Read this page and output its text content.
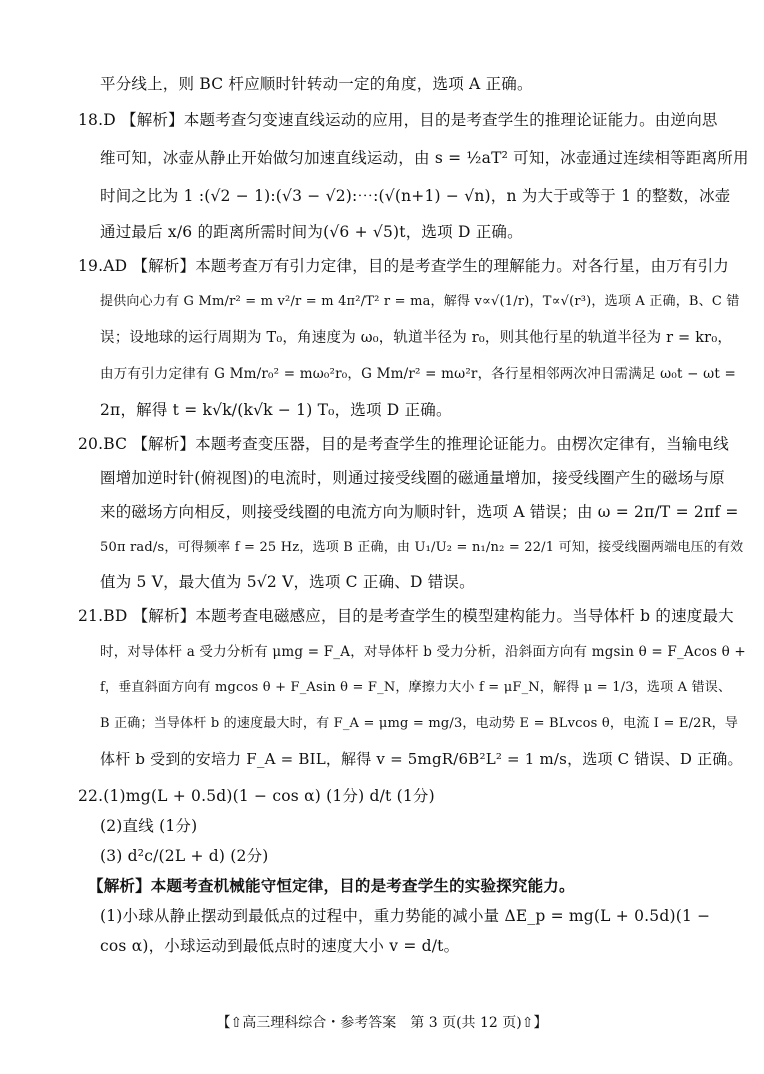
平分线上，则 BC 杆应顺时针转动一定的角度，选项 A 正确。
18.D 【解析】本题考查匀变速直线运动的应用，目的是考查学生的推理论证能力。由逆向思
维可知，冰壶从静止开始做匀加速直线运动，由 s = ½aT² 可知，冰壶通过连续相等距离所用
时间之比为 1 :(√2 − 1):(√3 − √2):⋯:(√(n+1) − √n)，n 为大于或等于 1 的整数，冰壶
通过最后 x/6 的距离所需时间为(√6 + √5)t，选项 D 正确。
19.AD 【解析】本题考查万有引力定律，目的是考查学生的理解能力。对各行星，由万有引力
提供向心力有 G Mm/r² = m v²/r = m 4π²/T² r = ma，解得 v∝√(1/r)，T∝√(r³)，选项 A 正确，B、C 错
误；设地球的运行周期为 T₀，角速度为 ω₀，轨道半径为 r₀，则其他行星的轨道半径为 r = kr₀，
由万有引力定律有 G Mm/r₀² = mω₀²r₀，G Mm/r² = mω²r，各行星相邻两次冲日需满足 ω₀t − ωt =
2π，解得 t = k√k/(k√k − 1) T₀，选项 D 正确。
20.BC 【解析】本题考查变压器，目的是考查学生的推理论证能力。由楞次定律有，当输电线
圈增加逆时针(俯视图)的电流时，则通过接受线圈的磁通量增加，接受线圈产生的磁场与原
来的磁场方向相反，则接受线圈的电流方向为顺时针，选项 A 错误；由 ω = 2π/T = 2πf =
50π rad/s，可得频率 f = 25 Hz，选项 B 正确，由 U₁/U₂ = n₁/n₂ = 22/1 可知，接受线圈两端电压的有效
值为 5 V，最大值为 5√2 V，选项 C 正确、D 错误。
21.BD 【解析】本题考查电磁感应，目的是考查学生的模型建构能力。当导体杆 b 的速度最大
时，对导体杆 a 受力分析有 μmg = F_A，对导体杆 b 受力分析，沿斜面方向有 mgsin θ = F_Acos θ +
f，垂直斜面方向有 mgcos θ + F_Asin θ = F_N，摩擦力大小 f = μF_N，解得 μ = 1/3，选项 A 错误、
B 正确；当导体杆 b 的速度最大时，有 F_A = μmg = mg/3，电动势 E = BLvcos θ，电流 I = E/2R，导
体杆 b 受到的安培力 F_A = BIL，解得 v = 5mgR/6B²L² = 1 m/s，选项 C 错误、D 正确。
22.(1)mg(L + 0.5d)(1 − cos α) (1分) d/t (1分)
(2)直线 (1分)
(3) d²c/(2L + d) (2分)
【解析】本题考查机械能守恒定律，目的是考查学生的实验探究能力。
(1)小球从静止摆动到最低点的过程中，重力势能的减小量 ΔE_p = mg(L + 0.5d)(1 −
cos α)，小球运动到最低点时的速度大小 v = d/t。
【⇧高三理科综合・参考答案　第 3 页(共 12 页)⇧】
